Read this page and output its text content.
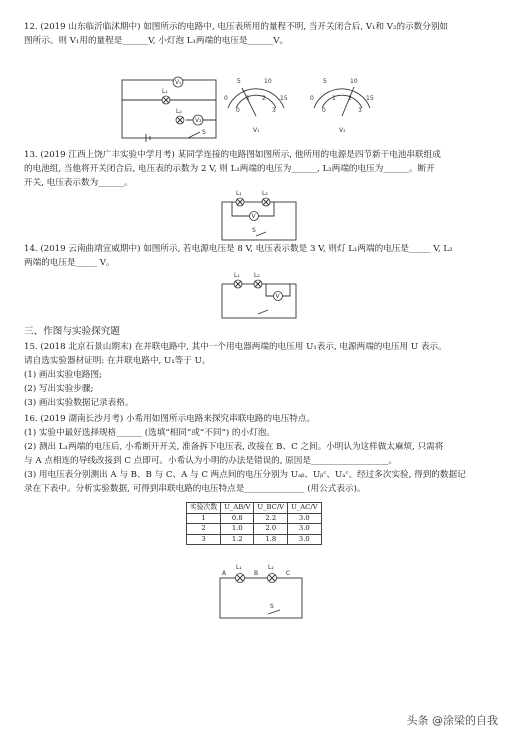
12. (2019 山东临沂临沭期中) 如图所示的电路中, 电压表所用的量程不明, 当开关闭合后, V₁和 V₂的示数分别如
图所示。则 V₁用的量程是______V, 小灯泡 L₁两端的电压是______V。
L₁
V₁
L₂
V₂
S
0
5	10
15
0
1 2
3
V₁
0
5	10
15
0
1 2
3
V₂
13. (2019 江西上饶广丰实验中学月考) 某同学连接的电路图如图所示, 他所用的电源是四节新干电池串联组成
的电池组, 当他将开关闭合后, 电压表的示数为 2 V, 则 L₁两端的电压为______, L₂两端的电压为______。断开
开关, 电压表示数为______。
L₁	L₂
V
S
14. (2019 云南曲靖宣威期中) 如图所示, 若电源电压是 8 V, 电压表示数是 3 V, 则灯 L₁两端的电压是_____ V, L₂
两端的电压是_____ V。
L₁ L₂
V
三、作图与实验探究题
15. (2018 北京石景山期末) 在并联电路中, 其中一个用电器两端的电压用 U₁表示, 电源两端的电压用 U 表示。
请自选实验器材证明: 在并联电路中, U₁等于 U。
(1) 画出实验电路图;
(2) 写出实验步骤;
(3) 画出实验数据记录表格。
16. (2019 湖南长沙月考) 小希用如图所示电路来探究串联电路的电压特点。
(1) 实验中最好选择规格______ (选填“相同”或“不同”) 的小灯泡。
(2) 测出 L₁两端的电压后, 小希断开开关, 准备拆下电压表, 改接在 B、C 之间。小明认为这样做太麻烦, 只需将
与 A 点相连的导线改接到 C 点即可。小希认为小明的办法是错误的, 原因是__________________。
(3) 用电压表分别测出 A 与 B、B 与 C、A 与 C 两点间的电压分别为 Uₐᵦ、Uᵦᶜ、Uₐᶜ。经过多次实验, 得到的数据记
录在下表中。分析实验数据, 可得到串联电路的电压特点是______________ (用公式表示)。
实验次数	U_AB/V	U_BC/V	U_AC/V
1	0.8	2.2	3.0
2	1.0	2.0	3.0
3	1.2	1.8	3.0
A	B	C
L₁	L₂
S
头条 @涂梁的自我
